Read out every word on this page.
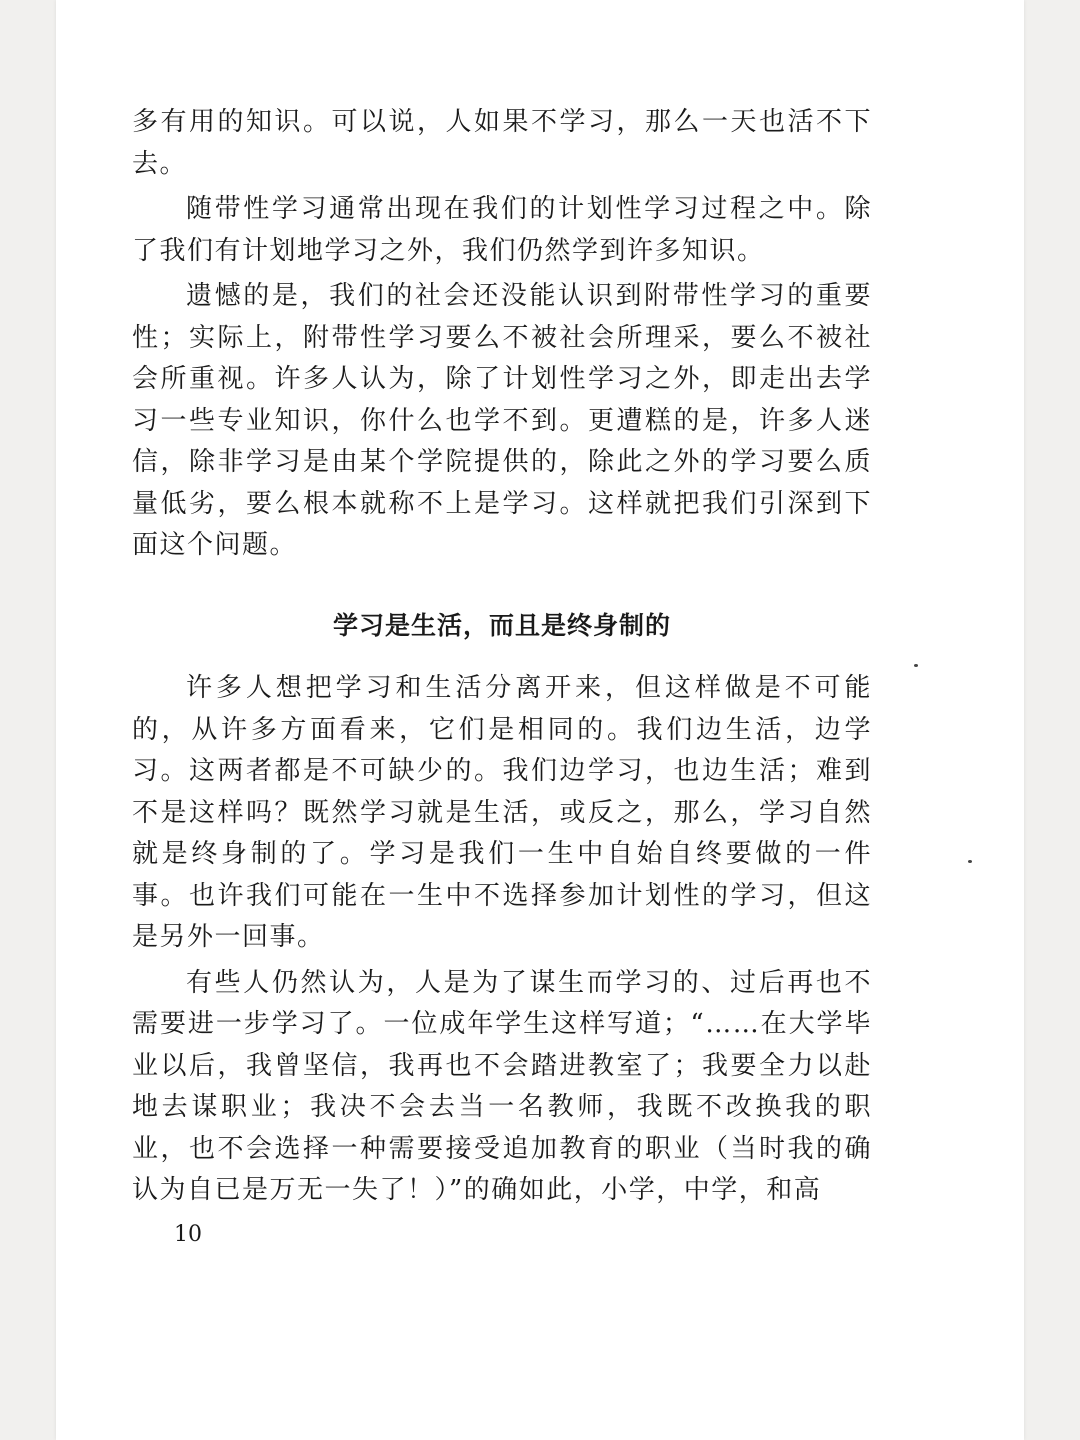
多有用的知识。可以说，人如果不学习，那么一天也活不下去。

随带性学习通常出现在我们的计划性学习过程之中。除了我们有计划地学习之外，我们仍然学到许多知识。

遗憾的是，我们的社会还没能认识到附带性学习的重要性；实际上，附带性学习要么不被社会所理采，要么不被社会所重视。许多人认为，除了计划性学习之外，即走出去学习一些专业知识，你什么也学不到。更遭糕的是，许多人迷信，除非学习是由某个学院提供的，除此之外的学习要么质量低劣，要么根本就称不上是学习。这样就把我们引深到下面这个问题。

学习是生活，而且是终身制的

许多人想把学习和生活分离开来，但这样做是不可能的，从许多方面看来，它们是相同的。我们边生活，边学习。这两者都是不可缺少的。我们边学习，也边生活；难到不是这样吗？既然学习就是生活，或反之，那么，学习自然就是终身制的了。学习是我们一生中自始自终要做的一件事。也许我们可能在一生中不选择参加计划性的学习，但这是另外一回事。

有些人仍然认为，人是为了谋生而学习的、过后再也不需要进一步学习了。一位成年学生这样写道；“……在大学毕业以后，我曾坚信，我再也不会踏进教室了；我要全力以赴地去谋职业；我决不会去当一名教师，我既不改换我的职业，也不会选择一种需要接受追加教育的职业（当时我的确认为自已是万无一失了！）”的确如此，小学，中学，和高

10
